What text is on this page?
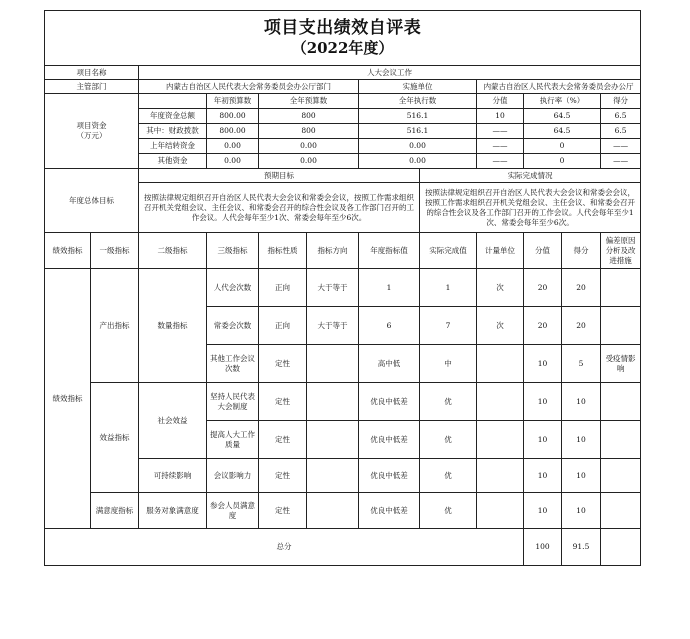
项目支出绩效自评表
（2022年度）											

项目名称		人大会议工作									
主管部门		内蒙古自治区人民代表大会常务委员会办公厅部门				实施单位		内蒙古自治区人民代表大会常务委员会办公厅			
项目资金
（万元）			年初预算数	全年预算数		全年执行数		分值	执行率（%）		得分
		年度资金总额	800.00	800		516.1		10	64.5		6.5
		其中：财政拨款	800.00	800		516.1		——	64.5		6.5
		上年结转资金	0.00	0.00		0.00		——	0		——
		其他资金	0.00	0.00		0.00		——	0		——
年度总体目标		预期目标					实际完成情况				
		按照法律规定组织召开自治区人民代表大会会议和常委会会议，按照工作需求组织召开机关党组会议、主任会议、和常委会召开的综合性会议及各工作部门召开的工作会议。人代会每年至少1次、常委会每年至少6次。					按照法律规定组织召开自治区人民代表大会会议和常委会会议，按照工作需求组织召开机关党组会议、主任会议、和常委会召开的综合性会议及各工作部门召开的工作会议。人代会每年至少1次、常委会每年至少6次。				
绩效指标	一级指标	二级指标	三级指标	指标性质	指标方向	年度指标值	实际完成值	计量单位	分值	得分	偏差原因分析及改进措施
绩效指标	产出指标	数量指标	人代会次数	正向	大于等于	1	1	次	20	20	
			常委会次数	正向	大于等于	6	7	次	20	20	
			其他工作会议次数	定性		高中低	中		10	5	受疫情影响
	效益指标	社会效益	坚持人民代表大会制度	定性		优良中低差	优		10	10	
			提高人大工作质量	定性		优良中低差	优		10	10	
		可持续影响	会议影响力	定性		优良中低差	优		10	10	
	满意度指标	服务对象满意度	参会人员满意度	定性		优良中低差	优		10	10	
总分									100	91.5	
